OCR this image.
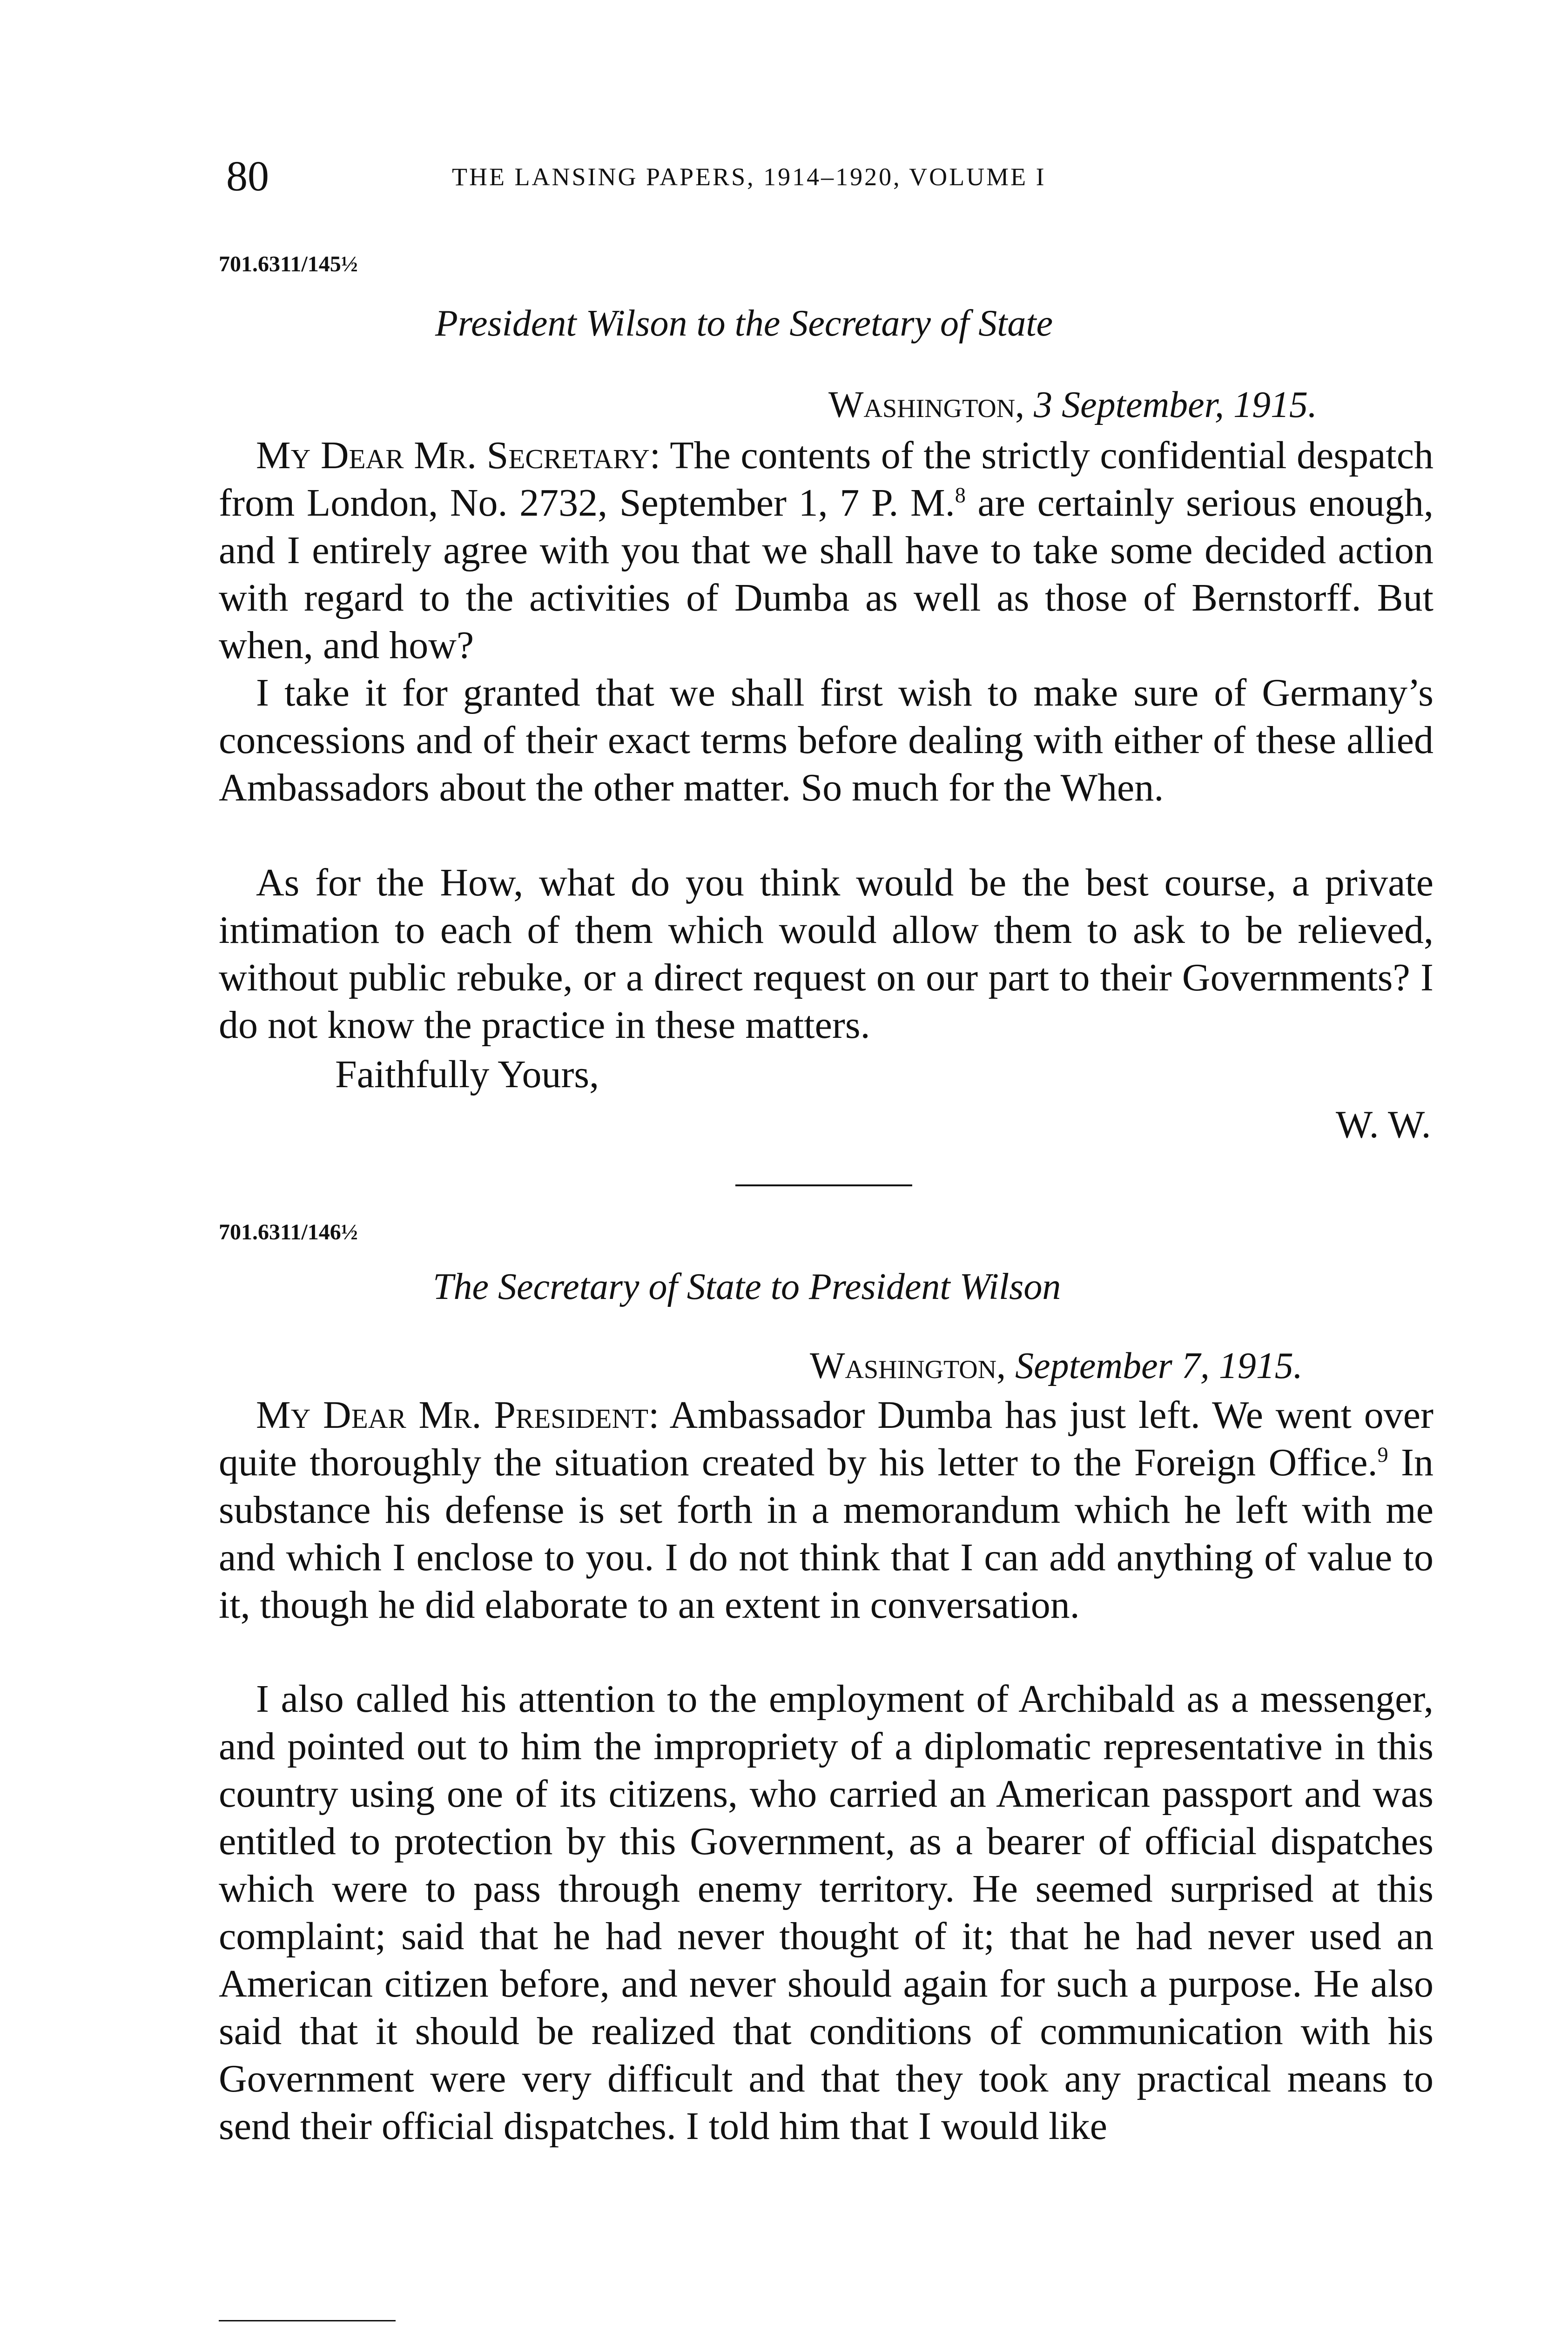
80	THE LANSING PAPERS, 1914–1920, VOLUME I
701.6311/145½
President Wilson to the Secretary of State
Washington, 3 September, 1915.
My Dear Mr. Secretary: The contents of the strictly confidential despatch from London, No. 2732, September 1, 7 P. M.$^8$ are certainly serious enough, and I entirely agree with you that we shall have to take some decided action with regard to the activities of Dumba as well as those of Bernstorff. But when, and how?
I take it for granted that we shall first wish to make sure of Germany’s concessions and of their exact terms before dealing with either of these allied Ambassadors about the other matter. So much for the When.
As for the How, what do you think would be the best course, a private intimation to each of them which would allow them to ask to be relieved, without public rebuke, or a direct request on our part to their Governments? I do not know the practice in these matters.
Faithfully Yours,
W. W.
701.6311/146½
The Secretary of State to President Wilson
Washington, September 7, 1915.
My Dear Mr. President: Ambassador Dumba has just left. We went over quite thoroughly the situation created by his letter to the Foreign Office.$^9$ In substance his defense is set forth in a memorandum which he left with me and which I enclose to you. I do not think that I can add anything of value to it, though he did elaborate to an extent in conversation.
I also called his attention to the employment of Archibald as a messenger, and pointed out to him the impropriety of a diplomatic representative in this country using one of its citizens, who carried an American passport and was entitled to protection by this Government, as a bearer of official dispatches which were to pass through enemy territory. He seemed surprised at this complaint; said that he had never thought of it; that he had never used an American citizen before, and never should again for such a purpose. He also said that it should be realized that conditions of communication with his Government were very difficult and that they took any practical means to send their official dispatches. I told him that I would like
